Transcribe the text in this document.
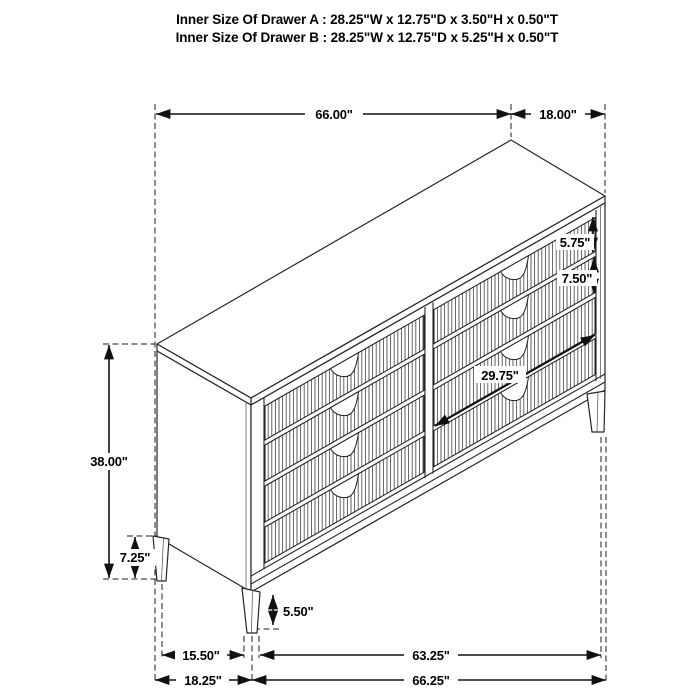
Inner Size Of Drawer A : 28.25"W x 12.75"D x 3.50"H x 0.50"T
Inner Size Of Drawer B : 28.25"W x 12.75"D x 5.25"H x 0.50"T
66.00"	18.00"
5.75"
7.50"
29.75"
38.00"
7.25"
5.50"
15.50"	63.25"
18.25"	66.25"
